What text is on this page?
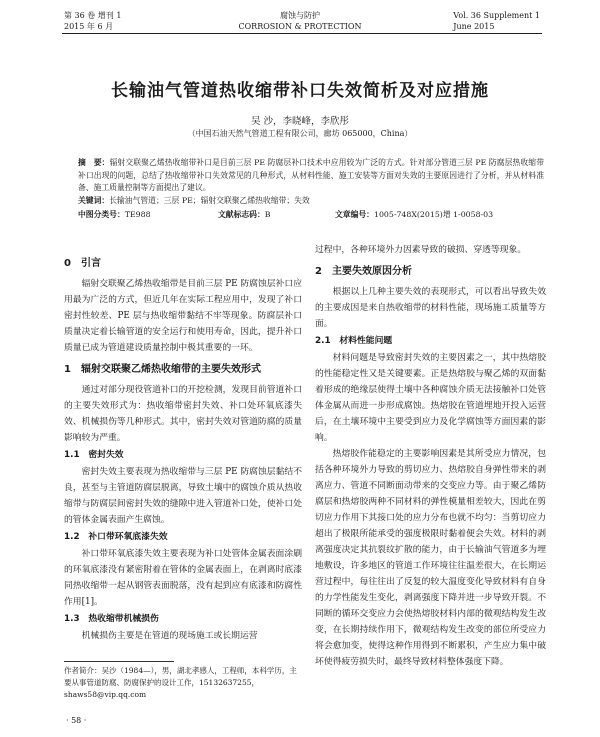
第 36 卷 增刊 1
2015 年 6 月
腐蚀与防护
CORROSION & PROTECTION
Vol. 36 Supplement 1
June 2015
长输油气管道热收缩带补口失效简析及对应措施
吴 沙，李晓峰，李欣彤
（中国石油天然气管道工程有限公司，廊坊 065000，China）
摘　要：辐射交联聚乙烯热收缩带补口是目前三层 PE 防腐层补口技术中应用较为广泛的方式。针对部分管道三层 PE 防腐层热收缩带补口出现的问题，总结了热收缩带补口失效常见的几种形式，从材料性能、施工安装等方面对失效的主要原因进行了分析，并从材料准备、施工质量控制等方面提出了建议。
关键词：长输油气管道；三层 PE；辐射交联聚乙烯热收缩带；失效
中图分类号：TE988	文献标志码：B	文章编号：1005-748X(2015)增 1-0058-03
0　引言

辐射交联聚乙烯热收缩带是目前三层 PE 防腐蚀层补口应用最为广泛的方式，但近几年在实际工程应用中，发现了补口密封性较差、PE 层与热收缩带黏结不牢等现象。防腐层补口质量决定着长输管道的安全运行和使用寿命，因此，提升补口质量已成为管道建设质量控制中极其重要的一环。

1　辐射交联聚乙烯热收缩带的主要失效形式

通过对部分现役管道补口的开挖检测，发现目前管道补口的主要失效形式为：热收缩带密封失效、补口处环氧底漆失效、机械损伤等几种形式。其中，密封失效对管道防腐的质量影响较为严重。

1.1　密封失效

密封失效主要表现为热收缩带与三层 PE 防腐蚀层黏结不良，甚至与主管道防腐层脱离，导致土壤中的腐蚀介质从热收缩带与防腐层间密封失效的缝隙中进入管道补口处，使补口处的管体金属表面产生腐蚀。

1.2　补口带环氧底漆失效

补口带环氧底漆失效主要表现为补口处管体金属表面涂刷的环氧底漆没有紧密附着在管体的金属表面上，在剥离时底漆同热收缩带一起从钢管表面脱落，没有起到应有底漆和防腐性作用[1]。

1.3　热收缩带机械损伤

机械损伤主要是在管道的现场施工或长期运营

过程中，各种环境外力因素导致的破损、穿透等现象。

2　主要失效原因分析

根据以上几种主要失效的表现形式，可以看出导致失效的主要成因是来自热收缩带的材料性能，现场施工质量等方面。

2.1　材料性能问题

材料问题是导致密封失效的主要因素之一，其中热熔胶的性能稳定性又是关键要素。正是热熔胶与聚乙烯的双面黏着形成的绝缘层使得土壤中各种腐蚀介质无法接触补口处管体金属从而进一步形成腐蚀。热熔胶在管道埋地开投入运营后，在土壤环境中主要受到应力及化学腐蚀等方面因素的影响。

热熔胶作能稳定的主要影响因素是其所受应力情况，包括各种环境外力导致的剪切应力、热熔胶自身弹性带来的剥离应力、管道不同断面动带来的交变应力等。由于聚乙烯防腐层和热熔胶两种不同材料的弹性模量相差较大，因此在剪切应力作用下其接口处的应力分布也就不均匀：当剪切应力超出了极限所能承受的强度极限时黏着便会失效。材料的剥离强度决定其抗裂纹扩散的能力，由于长输油气管道多为埋地敷设，许多地区的管道工作环境往往温差很大，在长期运营过程中，每往往出了反复的较大温度变化导致材料有自身的力学性能发生变化，剥离强度下降并进一步导致开裂。不同断的循环交变应力会使热熔胶材料内部的微观结构发生改变，在长期持续作用下，微观结构发生改变的部位所受应力将会愈加变，使得这种作用得到不断累积，产生应力集中破坏使得疲劳损失时，最终导致材料整体强度下降。

作者简介：吴沙（1984—），男，湖北孝感人，工程师，本科学历，主要从事管道防腐、防腐保护的设计工作，15132637255，shaws58@vip.qq.com
· 58 ·
